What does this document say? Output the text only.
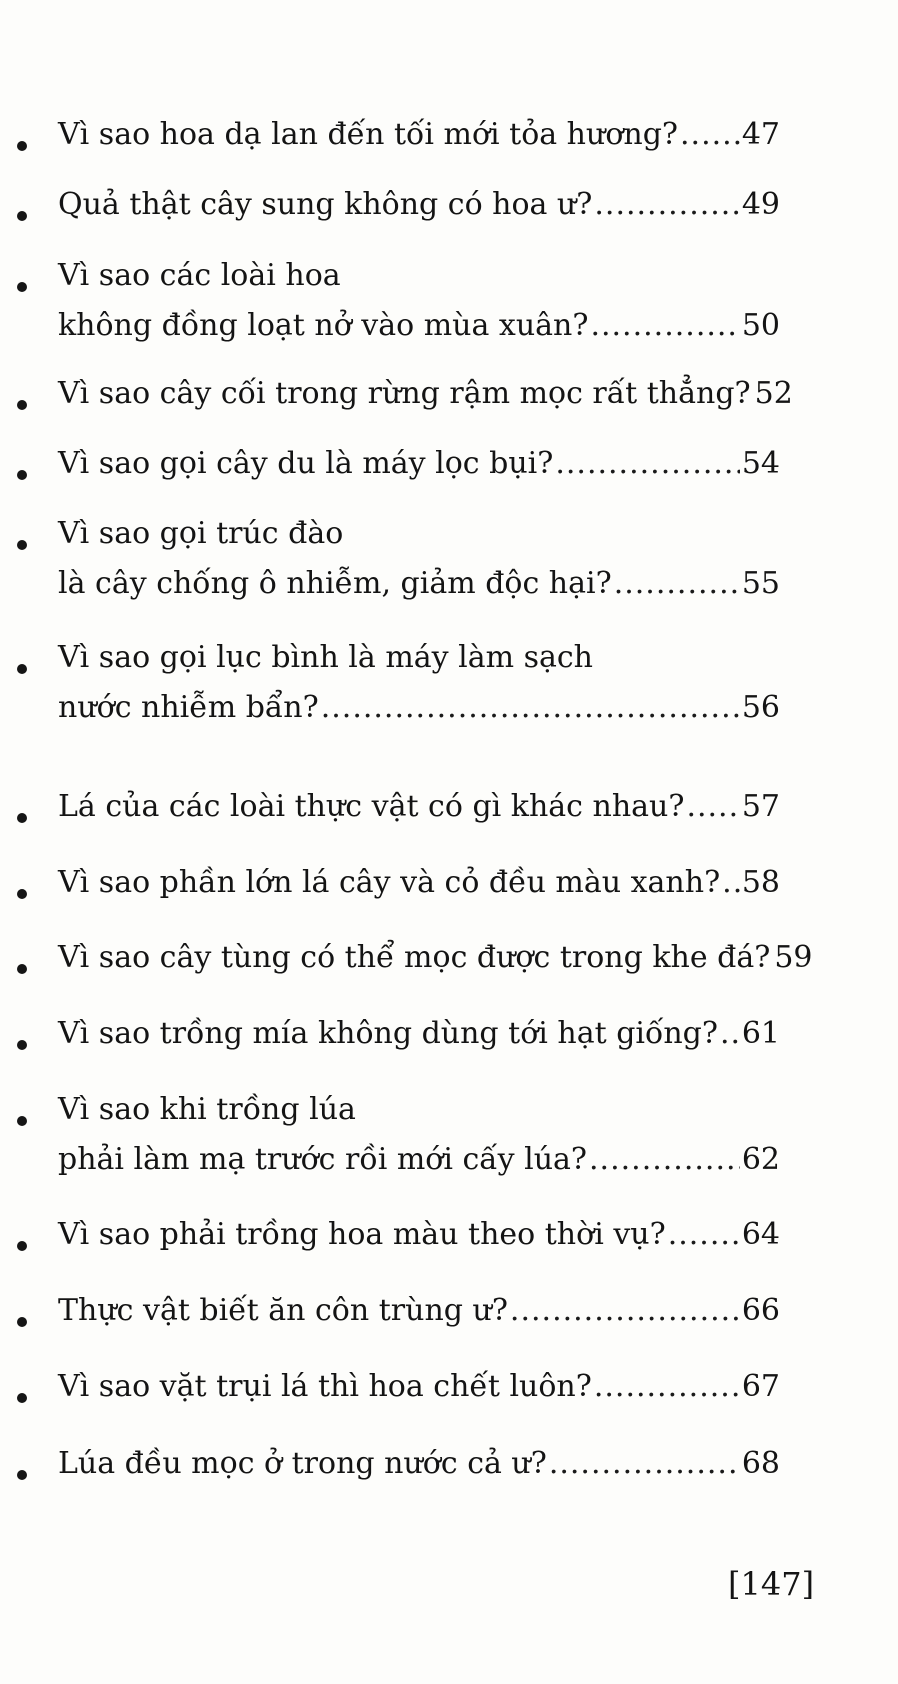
Vì sao hoa dạ lan đến tối mới tỏa hương? ..... 47
Quả thật cây sung không có hoa ư? .....	49
Vì sao các loài hoa
không đồng loạt nở vào mùa xuân? .....	50
Vì sao cây cối trong rừng rậm mọc rất thẳng? 52
Vì sao gọi cây du là máy lọc bụi? .....	54
Vì sao gọi trúc đào
là cây chống ô nhiễm, giảm độc hại? .....	55
Vì sao gọi lục bình là máy làm sạch
nước nhiễm bẩn? .....	56
Lá của các loài thực vật có gì khác nhau? ..... 57
Vì sao phần lớn lá cây và cỏ đều màu xanh? ..... 58
Vì sao cây tùng có thể mọc được trong khe đá? 59
Vì sao trồng mía không dùng tới hạt giống? ..... 61
Vì sao khi trồng lúa
phải làm mạ trước rồi mới cấy lúa? .....	62
Vì sao phải trồng hoa màu theo thời vụ? .....	64
Thực vật biết ăn côn trùng ư? .....	66
Vì sao vặt trụi lá thì hoa chết luôn? .....	67
Lúa đều mọc ở trong nước cả ư? .....	68
[147]
